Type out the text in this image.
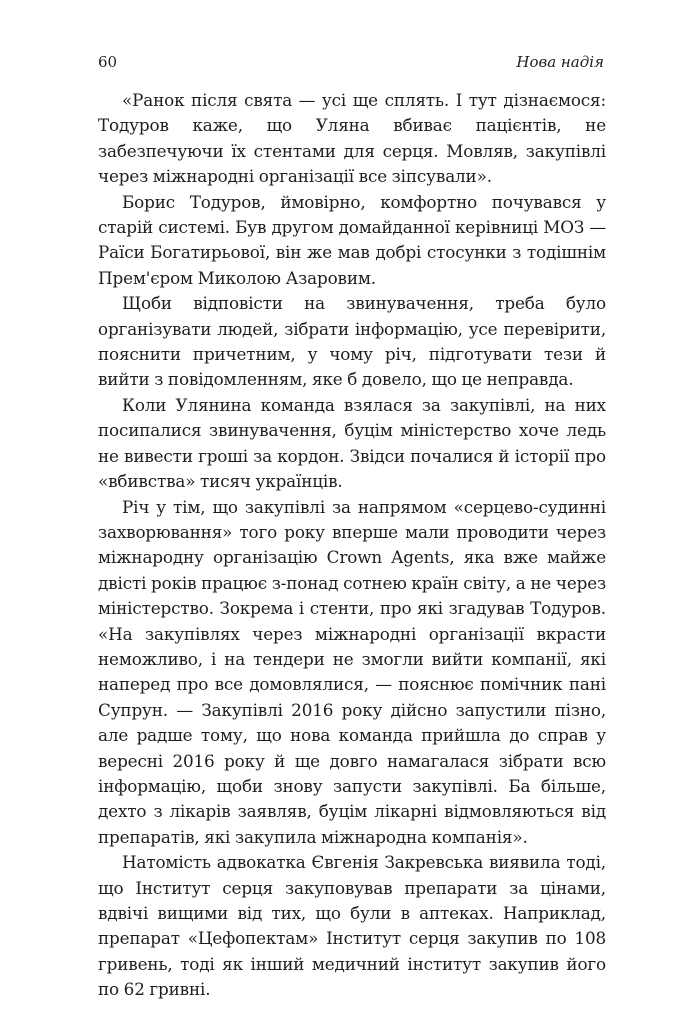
60	Нова надія

«Ранок після свята — усі ще сплять. І тут дізнаємося: Тодуров каже, що Уляна вбиває пацієнтів, не забезпечуючи їх стентами для серця. Мовляв, закупівлі через міжнародні організації все зіпсували».

Борис Тодуров, ймовірно, комфортно почувався у старій системі. Був другом домайданної керівниці МОЗ — Раїси Богатирьової, він же мав добрі стосунки з тодішнім Прем'єром Миколою Азаровим.

Щоби відповісти на звинувачення, треба було організувати людей, зібрати інформацію, усе перевірити, пояснити причетним, у чому річ, підготувати тези й вийти з повідомленням, яке б довело, що це неправда.

Коли Улянина команда взялася за закупівлі, на них посипалися звинувачення, буцім міністерство хоче ледь не вивести гроші за кордон. Звідси почалися й історії про «вбивства» тисяч українців.

Річ у тім, що закупівлі за напрямом «серцево-судинні захворювання» того року вперше мали проводити через міжнародну організацію Crown Agents, яка вже майже двісті років працює з-понад сотнею країн світу, а не через міністерство. Зокрема і стенти, про які згадував Тодуров. «На закупівлях через міжнародні організації вкрасти неможливо, і на тендери не змогли вийти компанії, які наперед про все домовлялися, — пояснює помічник пані Супрун. — Закупівлі 2016 року дійсно запустили пізно, але радше тому, що нова команда прийшла до справ у вересні 2016 року й ще довго намагалася зібрати всю інформацію, щоби знову запусти закупівлі. Ба більше, дехто з лікарів заявляв, буцім лікарні відмовляються від препаратів, які закупила міжнародна компанія».

Натомість адвокатка Євгенія Закревська виявила тоді, що Інститут серця закуповував препарати за цінами, вдвічі вищими від тих, що були в аптеках. Наприклад, препарат «Цефопектам» Інститут серця закупив по 108 гривень, тоді як інший медичний інститут закупив його по 62 гривні.
